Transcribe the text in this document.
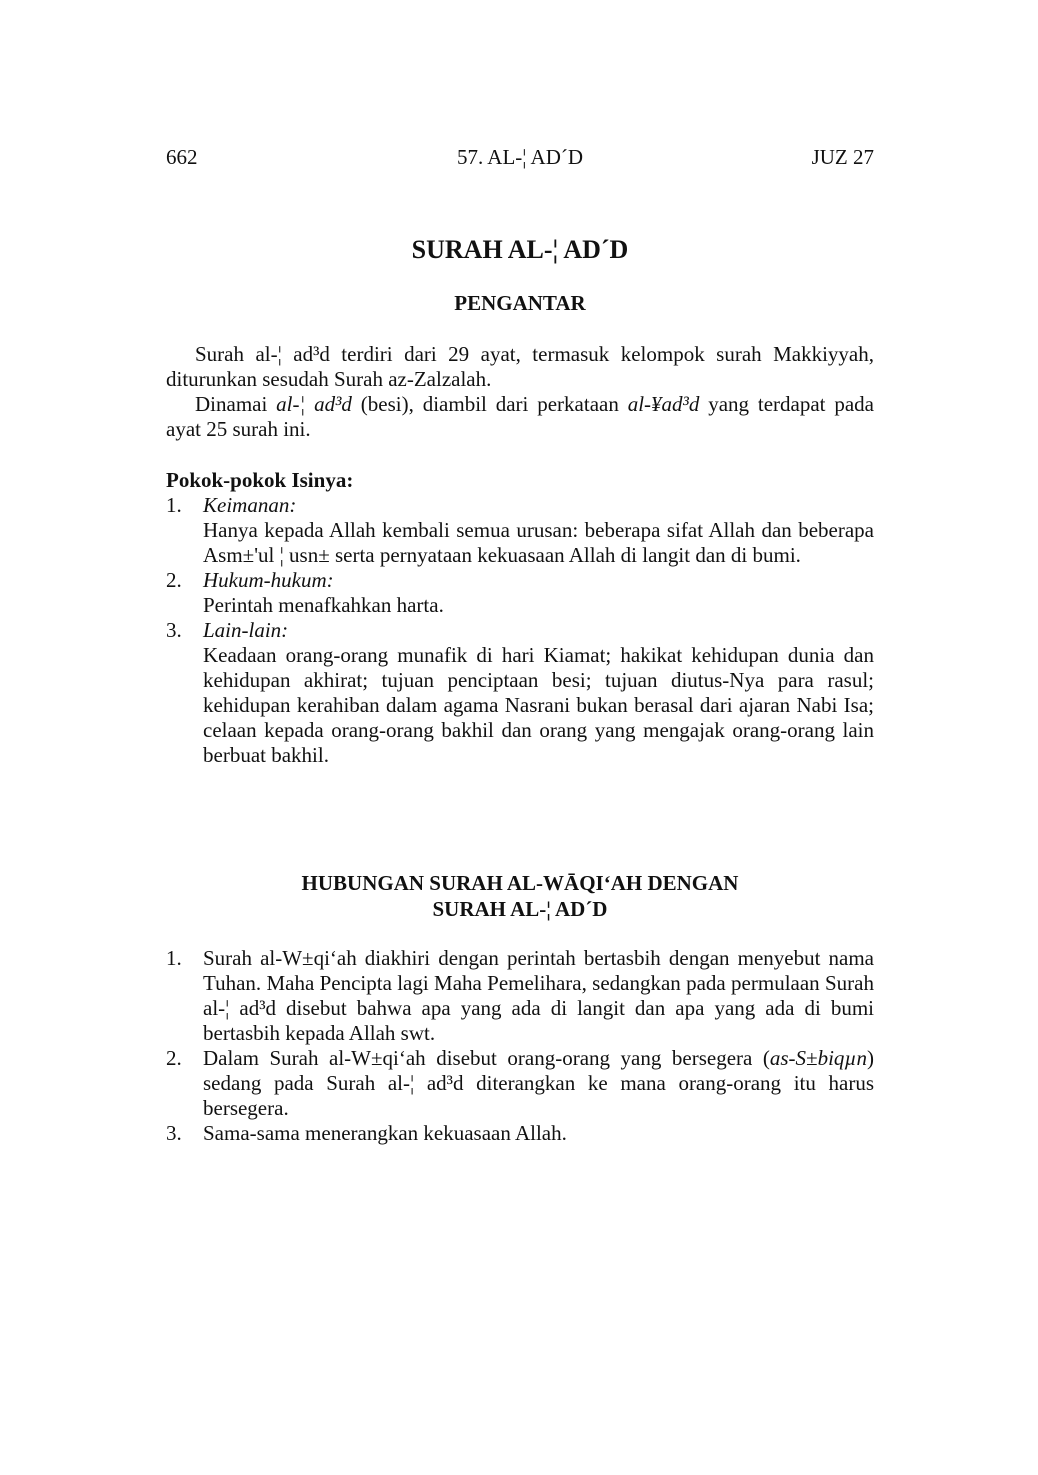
662	57. AL-¦ AD´D	JUZ 27
SURAH AL-¦ AD´D
PENGANTAR

Surah al-¦ ad³d terdiri dari 29 ayat, termasuk kelompok surah Makkiyyah, diturunkan sesudah Surah az-Zalzalah.

Dinamai al-¦ ad³d (besi), diambil dari perkataan al-¥ad³d yang terdapat pada ayat 25 surah ini.

Pokok-pokok Isinya:
1. Keimanan:
Hanya kepada Allah kembali semua urusan: beberapa sifat Allah dan beberapa Asm±'ul ¦ usn± serta pernyataan kekuasaan Allah di langit dan di bumi.
2. Hukum-hukum:
Perintah menafkahkan harta.
3. Lain-lain:
Keadaan orang-orang munafik di hari Kiamat; hakikat kehidupan dunia dan kehidupan akhirat; tujuan penciptaan besi; tujuan diutus-Nya para rasul; kehidupan kerahiban dalam agama Nasrani bukan berasal dari ajaran Nabi Isa; celaan kepada orang-orang bakhil dan orang yang mengajak orang-orang lain berbuat bakhil.
HUBUNGAN SURAH AL-WĀQI‘AH DENGAN
SURAH AL-¦ AD´D
1. Surah al-W±qi‘ah diakhiri dengan perintah bertasbih dengan menyebut nama Tuhan. Maha Pencipta lagi Maha Pemelihara, sedangkan pada permulaan Surah al-¦ ad³d disebut bahwa apa yang ada di langit dan apa yang ada di bumi bertasbih kepada Allah swt.
2. Dalam Surah al-W±qi‘ah disebut orang-orang yang bersegera (as-S±biqµn) sedang pada Surah al-¦ ad³d diterangkan ke mana orang-orang itu harus bersegera.
3. Sama-sama menerangkan kekuasaan Allah.
